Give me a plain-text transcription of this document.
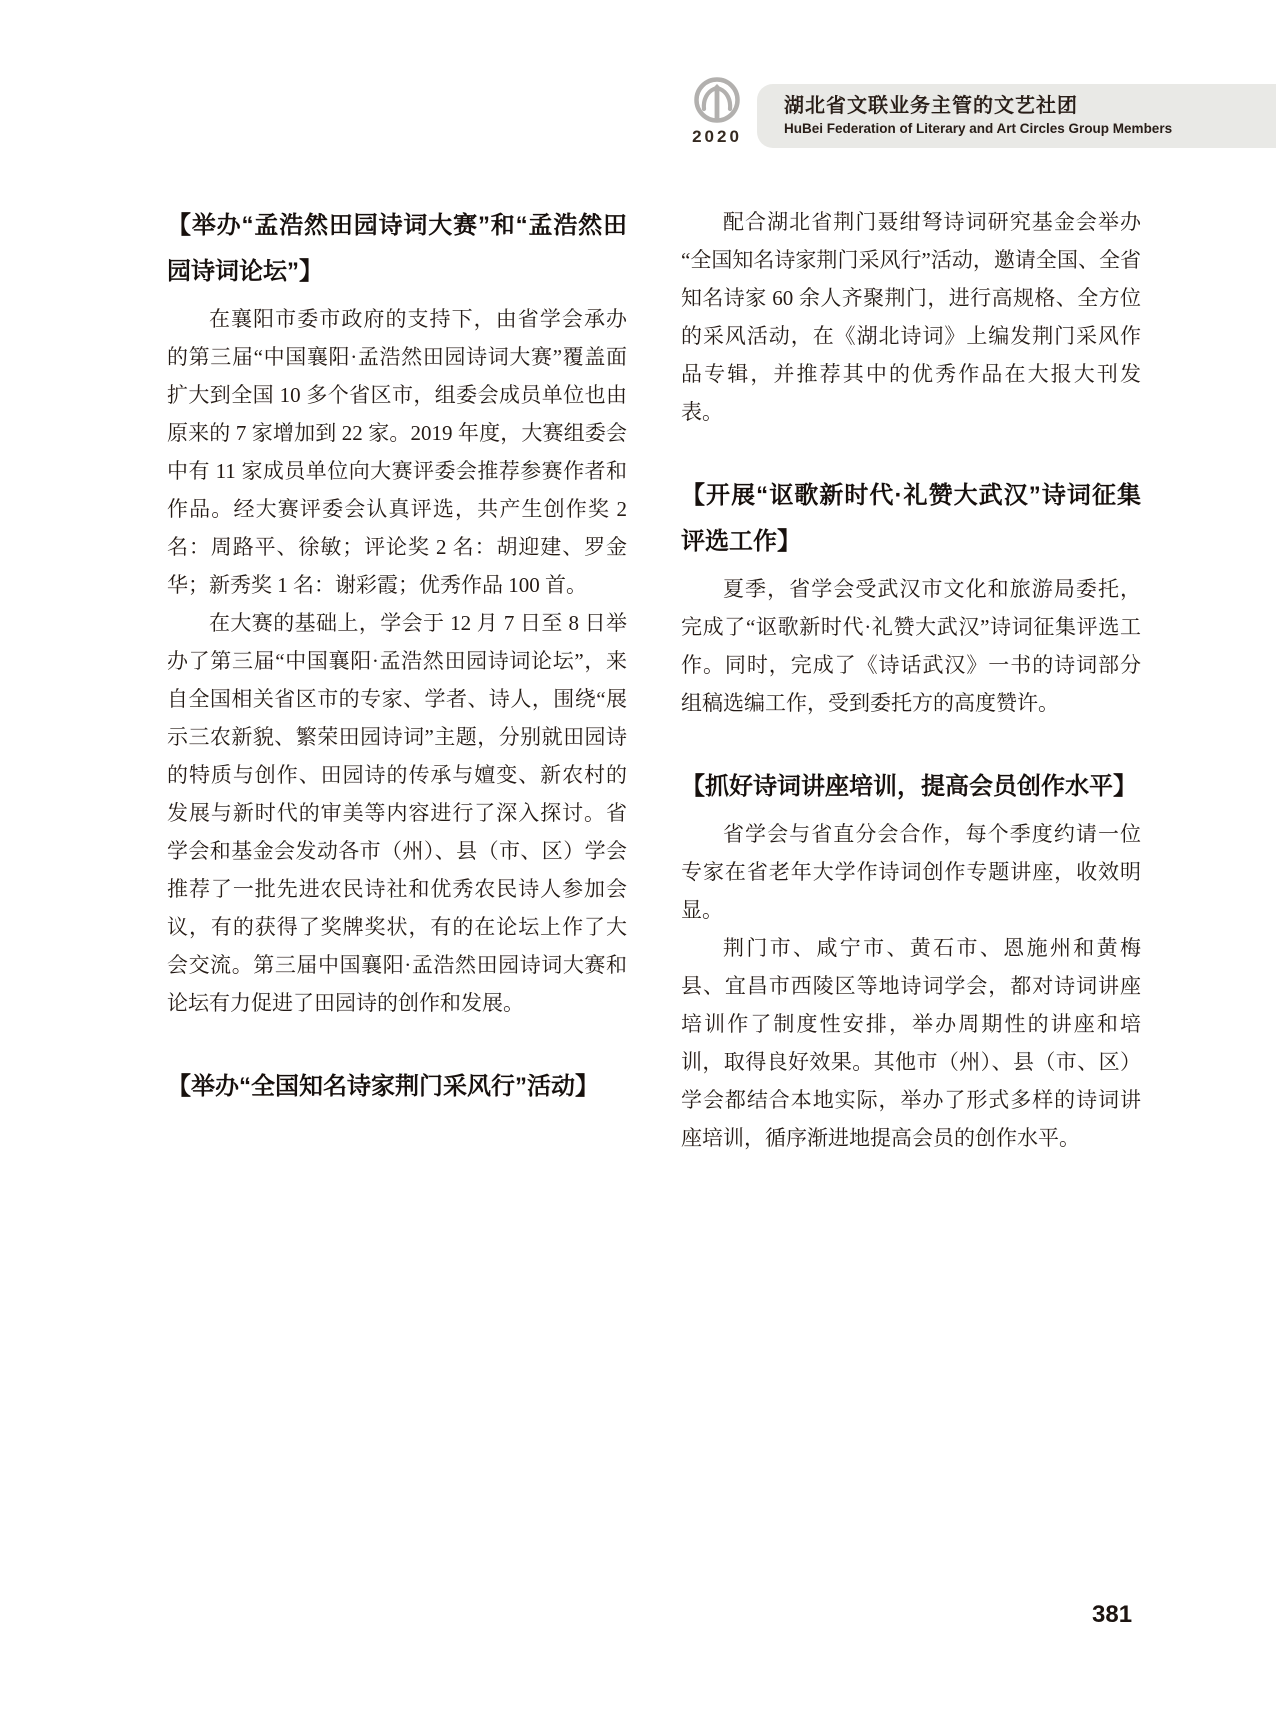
2020
湖北省文联业务主管的文艺社团
HuBei Federation of Literary and Art Circles Group Members
【举办“孟浩然田园诗词大赛”和“孟浩然田园诗词论坛”】

在襄阳市委市政府的支持下，由省学会承办的第三届“中国襄阳·孟浩然田园诗词大赛”覆盖面扩大到全国 10 多个省区市，组委会成员单位也由原来的 7 家增加到 22 家。2019 年度，大赛组委会中有 11 家成员单位向大赛评委会推荐参赛作者和作品。经大赛评委会认真评选，共产生创作奖 2 名：周路平、徐敏；评论奖 2 名：胡迎建、罗金华；新秀奖 1 名：谢彩霞；优秀作品 100 首。

在大赛的基础上，学会于 12 月 7 日至 8 日举办了第三届“中国襄阳·孟浩然田园诗词论坛”，来自全国相关省区市的专家、学者、诗人，围绕“展示三农新貌、繁荣田园诗词”主题，分别就田园诗的特质与创作、田园诗的传承与嬗变、新农村的发展与新时代的审美等内容进行了深入探讨。省学会和基金会发动各市（州）、县（市、区）学会推荐了一批先进农民诗社和优秀农民诗人参加会议，有的获得了奖牌奖状，有的在论坛上作了大会交流。第三届中国襄阳·孟浩然田园诗词大赛和论坛有力促进了田园诗的创作和发展。

【举办“全国知名诗家荆门采风行”活动】

配合湖北省荆门聂绀弩诗词研究基金会举办“全国知名诗家荆门采风行”活动，邀请全国、全省知名诗家 60 余人齐聚荆门，进行高规格、全方位的采风活动，在《湖北诗词》上编发荆门采风作品专辑，并推荐其中的优秀作品在大报大刊发表。

【开展“讴歌新时代·礼赞大武汉”诗词征集评选工作】

夏季，省学会受武汉市文化和旅游局委托，完成了“讴歌新时代·礼赞大武汉”诗词征集评选工作。同时，完成了《诗话武汉》一书的诗词部分组稿选编工作，受到委托方的高度赞许。

【抓好诗词讲座培训，提高会员创作水平】

省学会与省直分会合作，每个季度约请一位专家在省老年大学作诗词创作专题讲座，收效明显。

荆门市、咸宁市、黄石市、恩施州和黄梅县、宜昌市西陵区等地诗词学会，都对诗词讲座培训作了制度性安排，举办周期性的讲座和培训，取得良好效果。其他市（州）、县（市、区）学会都结合本地实际，举办了形式多样的诗词讲座培训，循序渐进地提高会员的创作水平。

381
